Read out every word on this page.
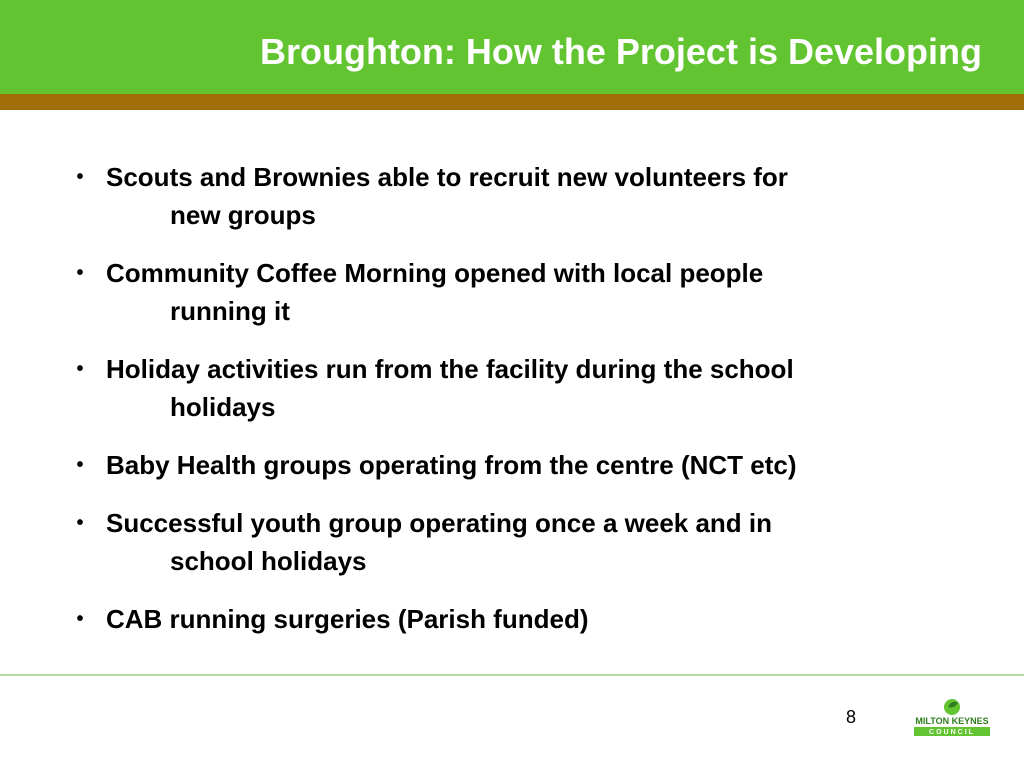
Broughton: How the Project is Developing
• Scouts and Brownies able to recruit new volunteers for
new groups
• Community Coffee Morning opened with local people
running it
• Holiday activities run from the facility during the school
holidays
• Baby Health groups operating from the centre (NCT etc)
• Successful youth group operating once a week and in
school holidays
• CAB running surgeries (Parish funded)
8	MILTON KEYNES
COUNCIL
